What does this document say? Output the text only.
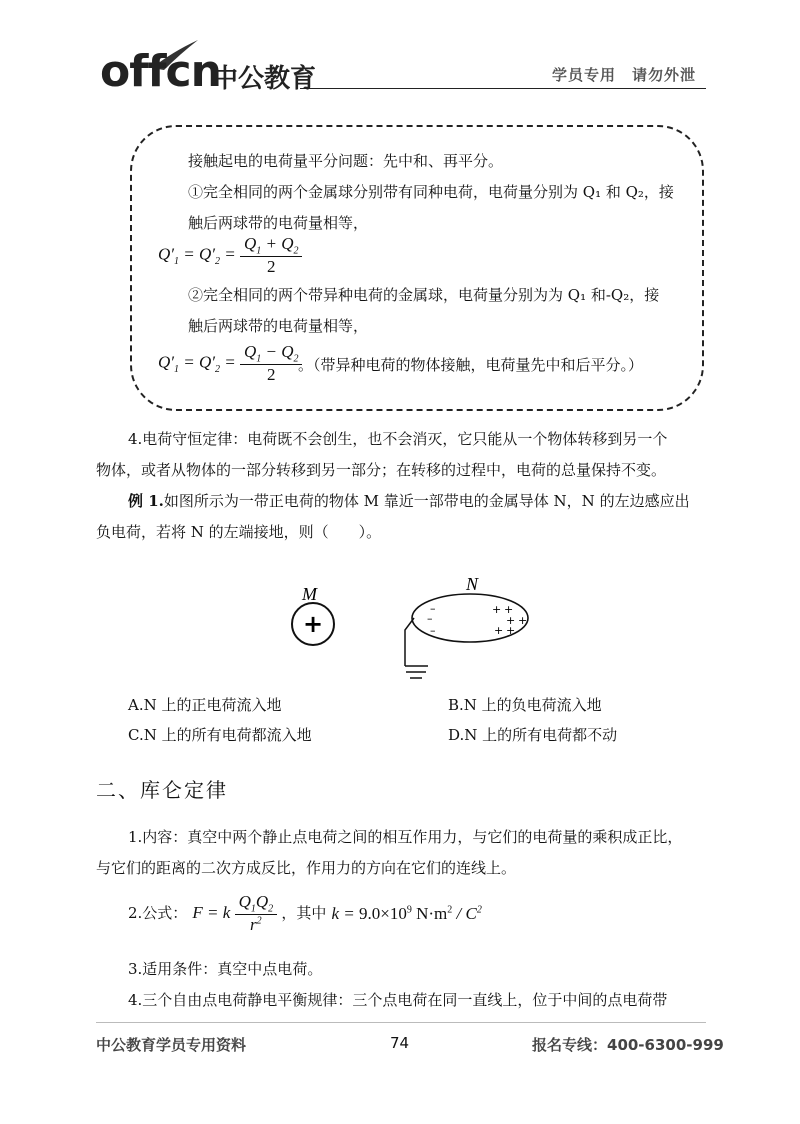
offcn
中公教育	学员专用　请勿外泄
接触起电的电荷量平分问题：先中和、再平分。
①完全相同的两个金属球分别带有同种电荷，电荷量分别为 Q₁ 和 Q₂，接
触后两球带的电荷量相等，
$Q'_1 = Q'_2 = \frac{Q_1 + Q_2}{2}$
②完全相同的两个带异种电荷的金属球，电荷量分别为为 Q₁ 和-Q₂，接
触后两球带的电荷量相等，
$Q'_1 = Q'_2 = \frac{Q_1 - Q_2}{2}$
。（带异种电荷的物体接触，电荷量先中和后平分。）
4.电荷守恒定律：电荷既不会创生，也不会消灭，它只能从一个物体转移到另一个
物体，或者从物体的一部分转移到另一部分；在转移的过程中，电荷的总量保持不变。
例 1.如图所示为一带正电荷的物体 M 靠近一部带电的金属导体 N，N 的左边感应出
负电荷，若将 N 的左端接地，则（　　）。
M
+
N
–
–
–
+ +
+ +
+ +
A.N 上的正电荷流入地	B.N 上的负电荷流入地
C.N 上的所有电荷都流入地	D.N 上的所有电荷都不动
二、库仑定律
1.内容：真空中两个静止点电荷之间的相互作用力，与它们的电荷量的乘积成正比，
与它们的距离的二次方成反比，作用力的方向在它们的连线上。
2.公式： F = k $\frac{Q_1Q_2}{r^2}$ ，其中 $k = 9.0\times 10^9$ $N\cdot m^2 / C^2$
3.适用条件：真空中点电荷。
4.三个自由点电荷静电平衡规律：三个点电荷在同一直线上，位于中间的点电荷带
中公教育学员专用资料	74	报名专线：400-6300-999
